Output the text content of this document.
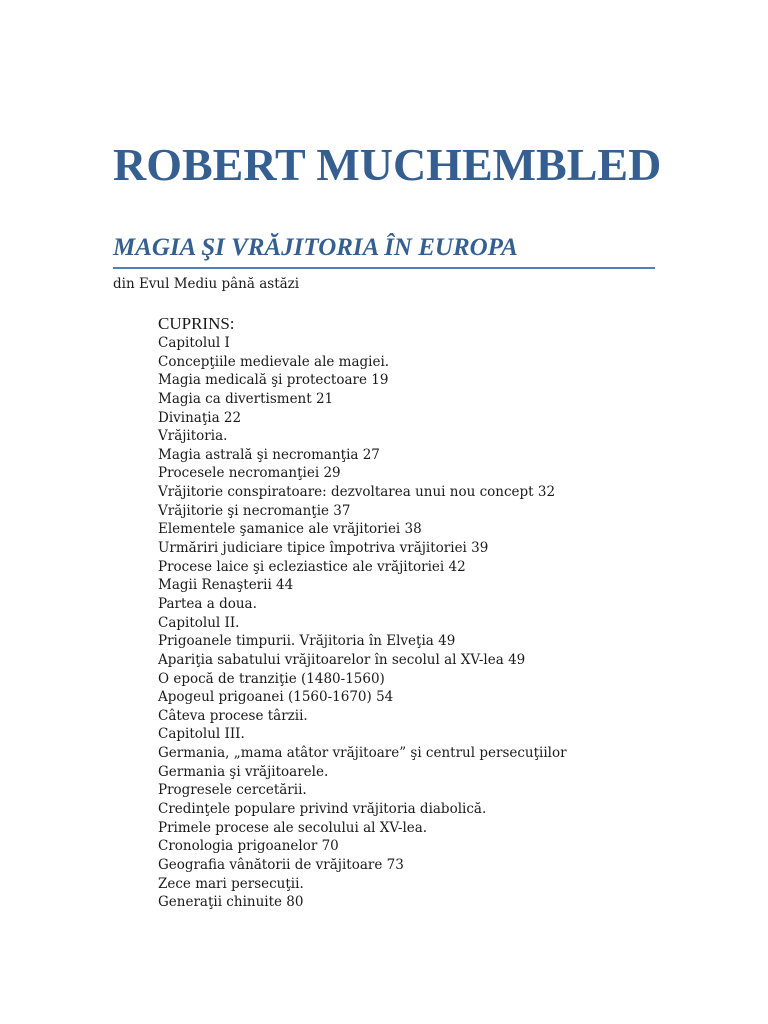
ROBERT MUCHEMBLED
MAGIA ŞI VRĂJITORIA ÎN EUROPA
din Evul Mediu până astăzi
CUPRINS:
Capitolul I
Concepţiile medievale ale magiei.
Magia medicală şi protectoare 19
Magia ca divertisment 21
Divinaţia 22
Vrăjitoria.
Magia astrală şi necromanţia 27
Procesele necromanţiei 29
Vrăjitorie conspiratoare: dezvoltarea unui nou concept 32
Vrăjitorie şi necromanţie 37
Elementele şamanice ale vrăjitoriei 38
Urmăriri judiciare tipice împotriva vrăjitoriei 39
Procese laice şi ecleziastice ale vrăjitoriei 42
Magii Renaşterii 44
Partea a doua.
Capitolul II.
Prigoanele timpurii. Vrăjitoria în Elveţia 49
Apariţia sabatului vrăjitoarelor în secolul al XV-lea 49
O epocă de tranziţie (1480-1560)
Apogeul prigoanei (1560-1670) 54
Câteva procese târzii.
Capitolul III.
Germania, „mama atâtor vrăjitoare” şi centrul persecuţiilor
Germania şi vrăjitoarele.
Progresele cercetării.
Credinţele populare privind vrăjitoria diabolică.
Primele procese ale secolului al XV-lea.
Cronologia prigoanelor 70
Geografia vânătorii de vrăjitoare 73
Zece mari persecuţii.
Generaţii chinuite 80
